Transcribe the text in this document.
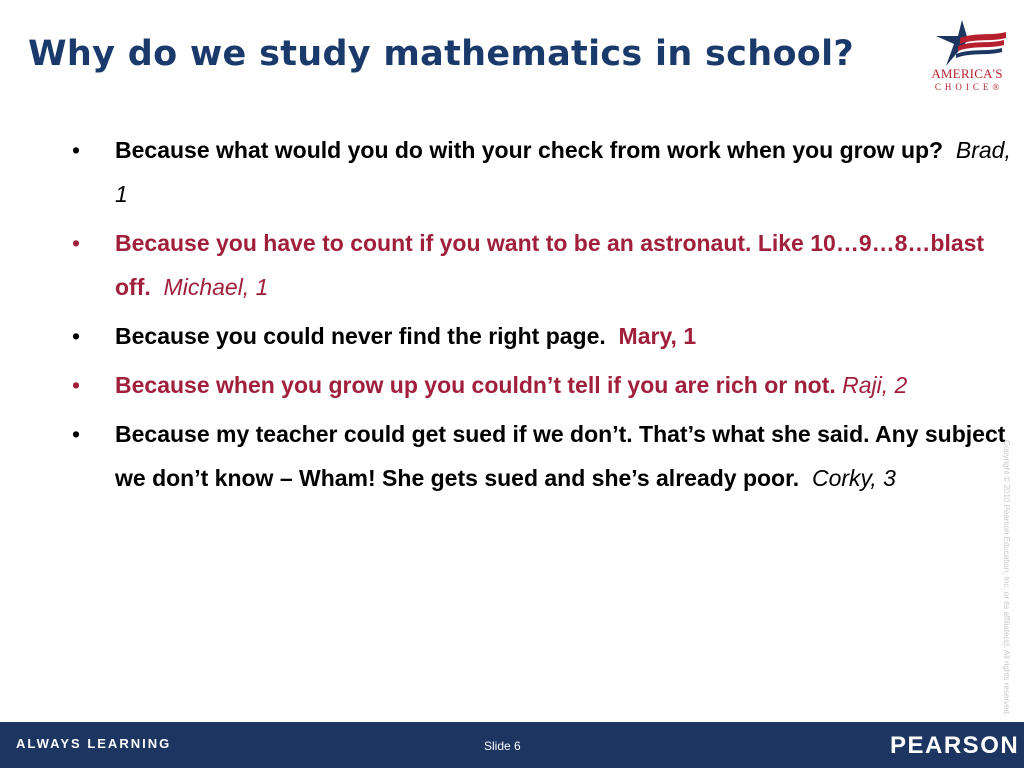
Why do we study mathematics in school?	AMERICA'S
CHOICE®
• Because what would you do with your check from work when you grow up? Brad, 1
• Because you have to count if you want to be an astronaut. Like 10…9…8…blast off. Michael, 1
• Because you could never find the right page. Mary, 1
• Because when you grow up you couldn’t tell if you are rich or not. Raji, 2
• Because my teacher could get sued if we don’t. That’s what she said. Any subject we don’t know – Wham! She gets sued and she’s already poor. Corky, 3	Copyright © 2010 Pearson Education, Inc. or its affiliate(s). All rights reserved.
ALWAYS LEARNING	Slide 6	PEARSON
